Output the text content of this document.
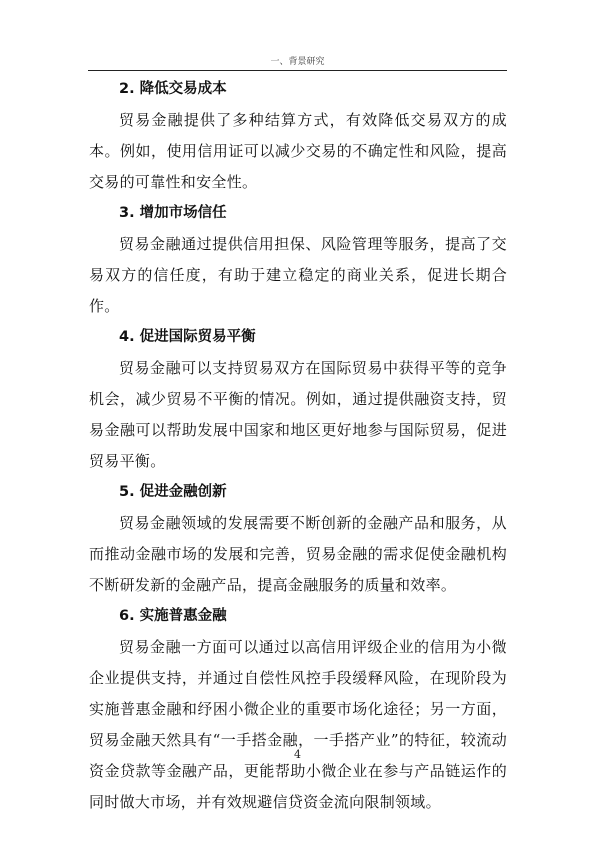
一、背景研究
2. 降低交易成本

贸易金融提供了多种结算方式，有效降低交易双方的成本。例如，使用信用证可以减少交易的不确定性和风险，提高交易的可靠性和安全性。

3. 增加市场信任

贸易金融通过提供信用担保、风险管理等服务，提高了交易双方的信任度，有助于建立稳定的商业关系，促进长期合作。

4. 促进国际贸易平衡

贸易金融可以支持贸易双方在国际贸易中获得平等的竞争机会，减少贸易不平衡的情况。例如，通过提供融资支持，贸易金融可以帮助发展中国家和地区更好地参与国际贸易，促进贸易平衡。

5. 促进金融创新

贸易金融领域的发展需要不断创新的金融产品和服务，从而推动金融市场的发展和完善，贸易金融的需求促使金融机构不断研发新的金融产品，提高金融服务的质量和效率。

6. 实施普惠金融

贸易金融一方面可以通过以高信用评级企业的信用为小微企业提供支持，并通过自偿性风控手段缓释风险，在现阶段为实施普惠金融和纾困小微企业的重要市场化途径；另一方面，贸易金融天然具有“一手搭金融，一手搭产业”的特征，较流动资金贷款等金融产品，更能帮助小微企业在参与产品链运作的同时做大市场，并有效规避信贷资金流向限制领域。

4
